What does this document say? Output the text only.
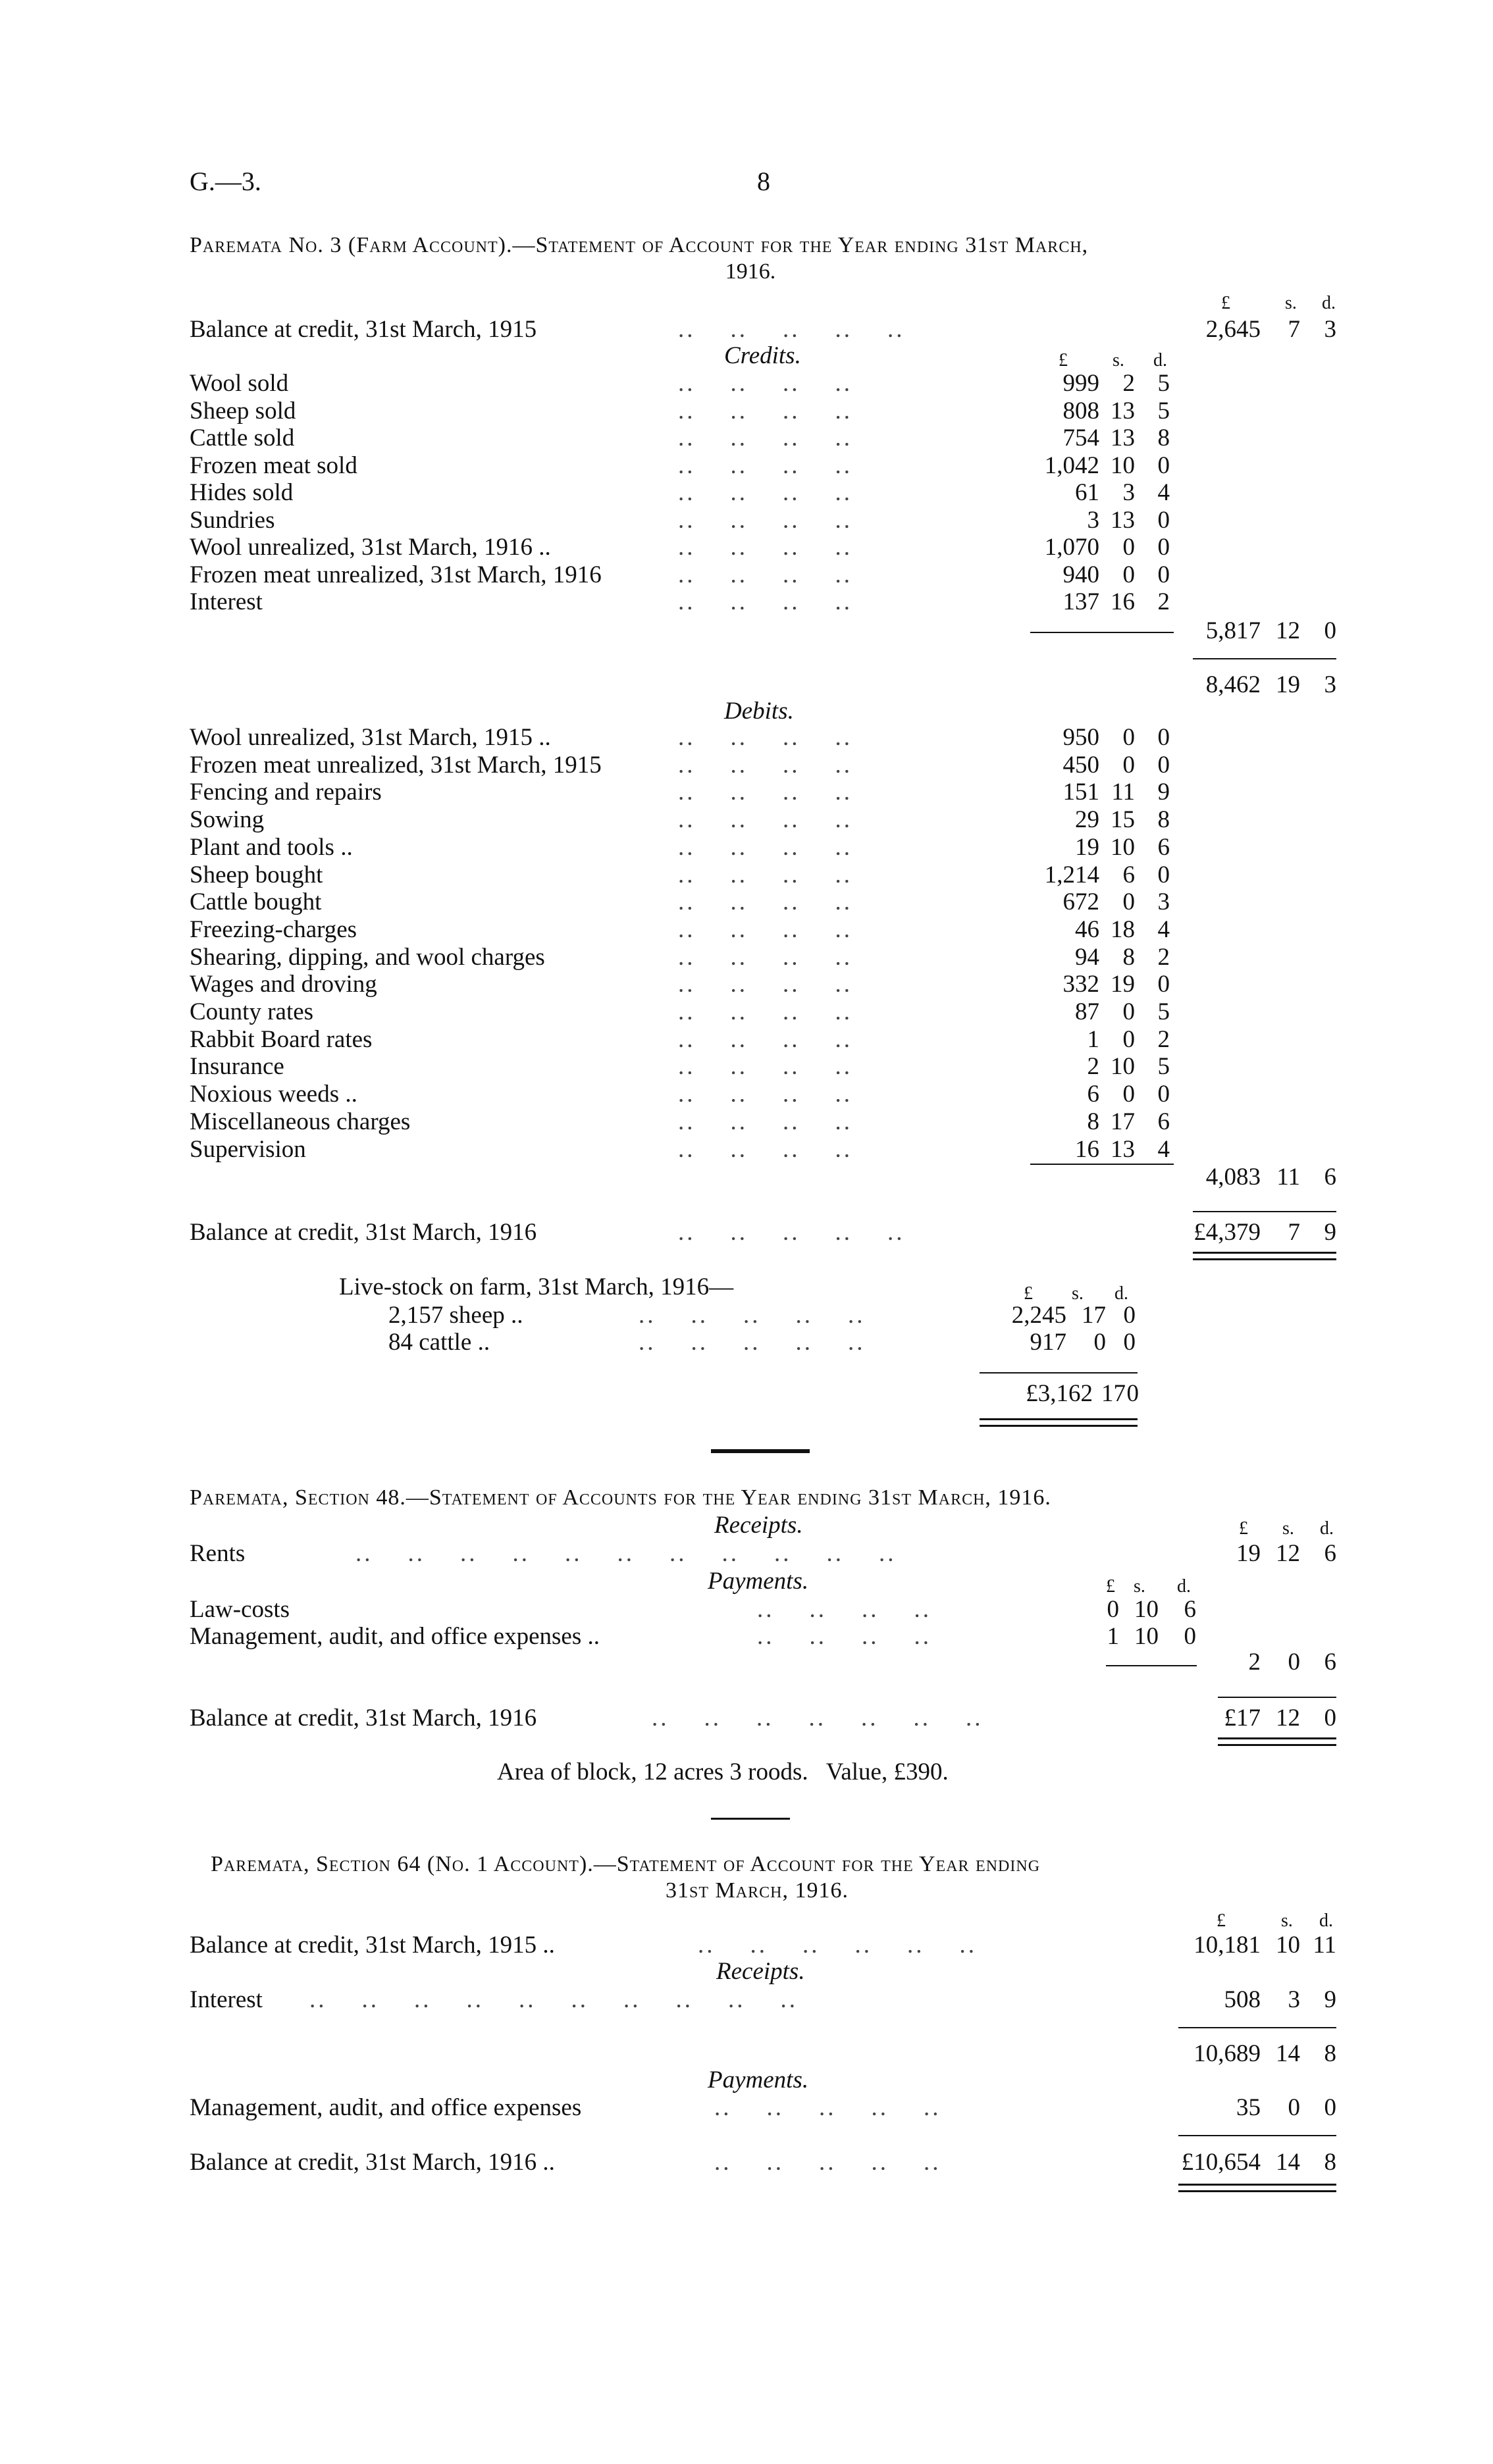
G.—3.	8
Paremata No. 3 (Farm Account).—Statement of Account for the Year ending 31st March,
1916.
£	s. d.
Balance at credit, 31st March, 1915	..    ..    ..    ..    ..	2,645	7 3
Credits.	£ s. d.
Wool sold	..    ..    ..    ..	999 2 5
Sheep sold	..    ..    ..    ..	808 13 5
Cattle sold	..    ..    ..    ..	754 13 8
Frozen meat sold	..    ..    ..    ..	1,042 10 0
Hides sold	..    ..    ..    ..	61 3 4
Sundries	..    ..    ..    ..	3 13 0
Wool unrealized, 31st March, 1916 ..	..    ..    ..    ..	1,070 0 0
Frozen meat unrealized, 31st March, 1916	..    ..    ..    ..	940 0 0
Interest	..    ..    ..    ..	137 16 2
5,817 12 0
8,462 19 3
Debits.
Wool unrealized, 31st March, 1915 ..	..    ..    ..    ..	950 0 0
Frozen meat unrealized, 31st March, 1915	..    ..    ..    ..	450 0 0
Fencing and repairs	..    ..    ..    ..	151 11 9
Sowing	..    ..    ..    ..	29 15 8
Plant and tools ..	..    ..    ..    ..	19 10 6
Sheep bought	..    ..    ..    ..	1,214 6 0
Cattle bought	..    ..    ..    ..	672 0 3
Freezing-charges	..    ..    ..    ..	46 18 4
Shearing, dipping, and wool charges	..    ..    ..    ..	94 8 2
Wages and droving	..    ..    ..    ..	332 19 0
County rates	..    ..    ..    ..	87 0 5
Rabbit Board rates	..    ..    ..    ..	1 0 2
Insurance	..    ..    ..    ..	2 10 5
Noxious weeds ..	..    ..    ..    ..	6 0 0
Miscellaneous charges	..    ..    ..    ..	8 17 6
Supervision	..    ..    ..    ..	16 13 4
4,083 11 6
Balance at credit, 31st March, 1916	..    ..    ..    ..    ..	£4,379	7 9
Live-stock on farm, 31st March, 1916—	£ s. d.
2,157 sheep ..	..    ..    ..    ..    ..	2,245 17 0
84 cattle ..	..    ..    ..    ..    ..	917	0 0
£3,162 17 0
Paremata, Section 48.—Statement of Accounts for the Year ending 31st March, 1916.
Receipts.	£ s. d.
Rents	..    ..    ..    ..    ..    ..    ..    ..    ..    ..    ..	19 12 6
Payments.	£ s. d.
Law-costs	..    ..    ..    ..	0 10	6
Management, audit, and office expenses ..	..    ..    ..    ..	1 10	0
2	0 6
Balance at credit, 31st March, 1916	..    ..    ..    ..    ..    ..    ..	£17 12 0
Area of block, 12 acres 3 roods.   Value, £390.
Paremata, Section 64 (No. 1 Account).—Statement of Account for the Year ending
31st March, 1916.
£	s. d.
Balance at credit, 31st March, 1915 ..	..    ..    ..    ..    ..    ..	10,181 10 11
Receipts.
Interest ..    ..    ..    ..    ..    ..    ..    ..    ..    ..	508	3 9
10,689 14 8
Payments.
Management, audit, and office expenses	..    ..    ..    ..    ..	35	0 0
Balance at credit, 31st March, 1916 ..	..    ..    ..    ..    ..	£10,654 14 8
